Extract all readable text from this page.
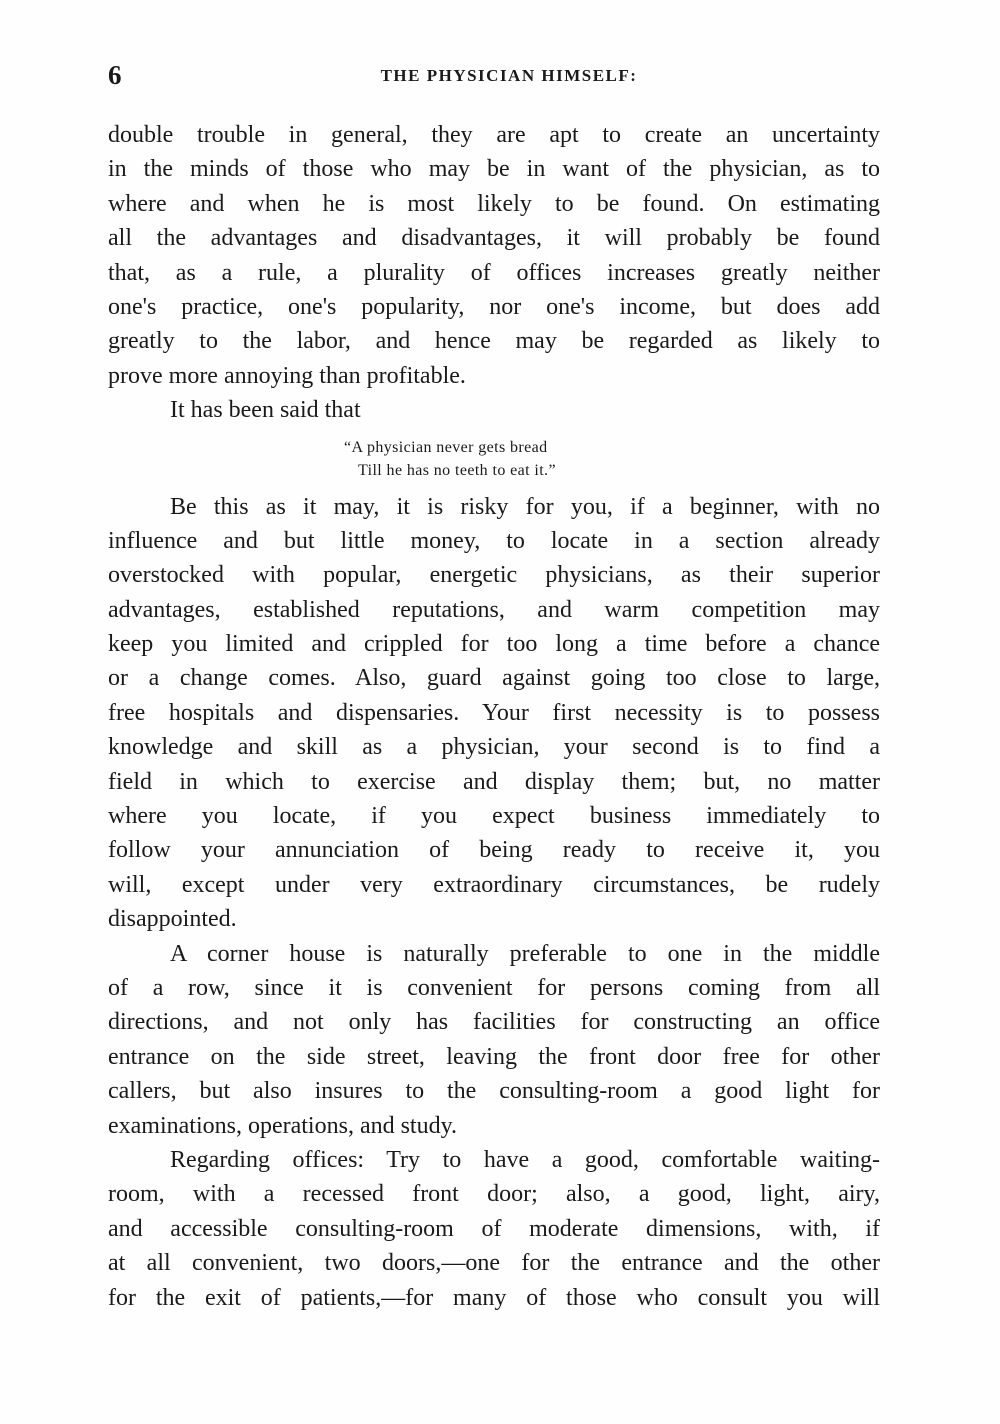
6	THE PHYSICIAN HIMSELF:
double trouble in general, they are apt to create an uncertainty
in the minds of those who may be in want of the physician, as to
where and when he is most likely to be found. On estimating
all the advantages and disadvantages, it will probably be found
that, as a rule, a plurality of offices increases greatly neither
one's practice, one's popularity, nor one's income, but does add
greatly to the labor, and hence may be regarded as likely to
prove more annoying than profitable.
It has been said that
“A physician never gets bread
Till he has no teeth to eat it.”
Be this as it may, it is risky for you, if a beginner, with no
influence and but little money, to locate in a section already
overstocked with popular, energetic physicians, as their superior
advantages, established reputations, and warm competition may
keep you limited and crippled for too long a time before a chance
or a change comes. Also, guard against going too close to large,
free hospitals and dispensaries. Your first necessity is to possess
knowledge and skill as a physician, your second is to find a
field in which to exercise and display them; but, no matter
where you locate, if you expect business immediately to
follow your annunciation of being ready to receive it, you
will, except under very extraordinary circumstances, be rudely
disappointed.
A corner house is naturally preferable to one in the middle
of a row, since it is convenient for persons coming from all
directions, and not only has facilities for constructing an office
entrance on the side street, leaving the front door free for other
callers, but also insures to the consulting-room a good light for
examinations, operations, and study.
Regarding offices: Try to have a good, comfortable waiting-
room, with a recessed front door; also, a good, light, airy,
and accessible consulting-room of moderate dimensions, with, if
at all convenient, two doors,—one for the entrance and the other
for the exit of patients,—for many of those who consult you will
